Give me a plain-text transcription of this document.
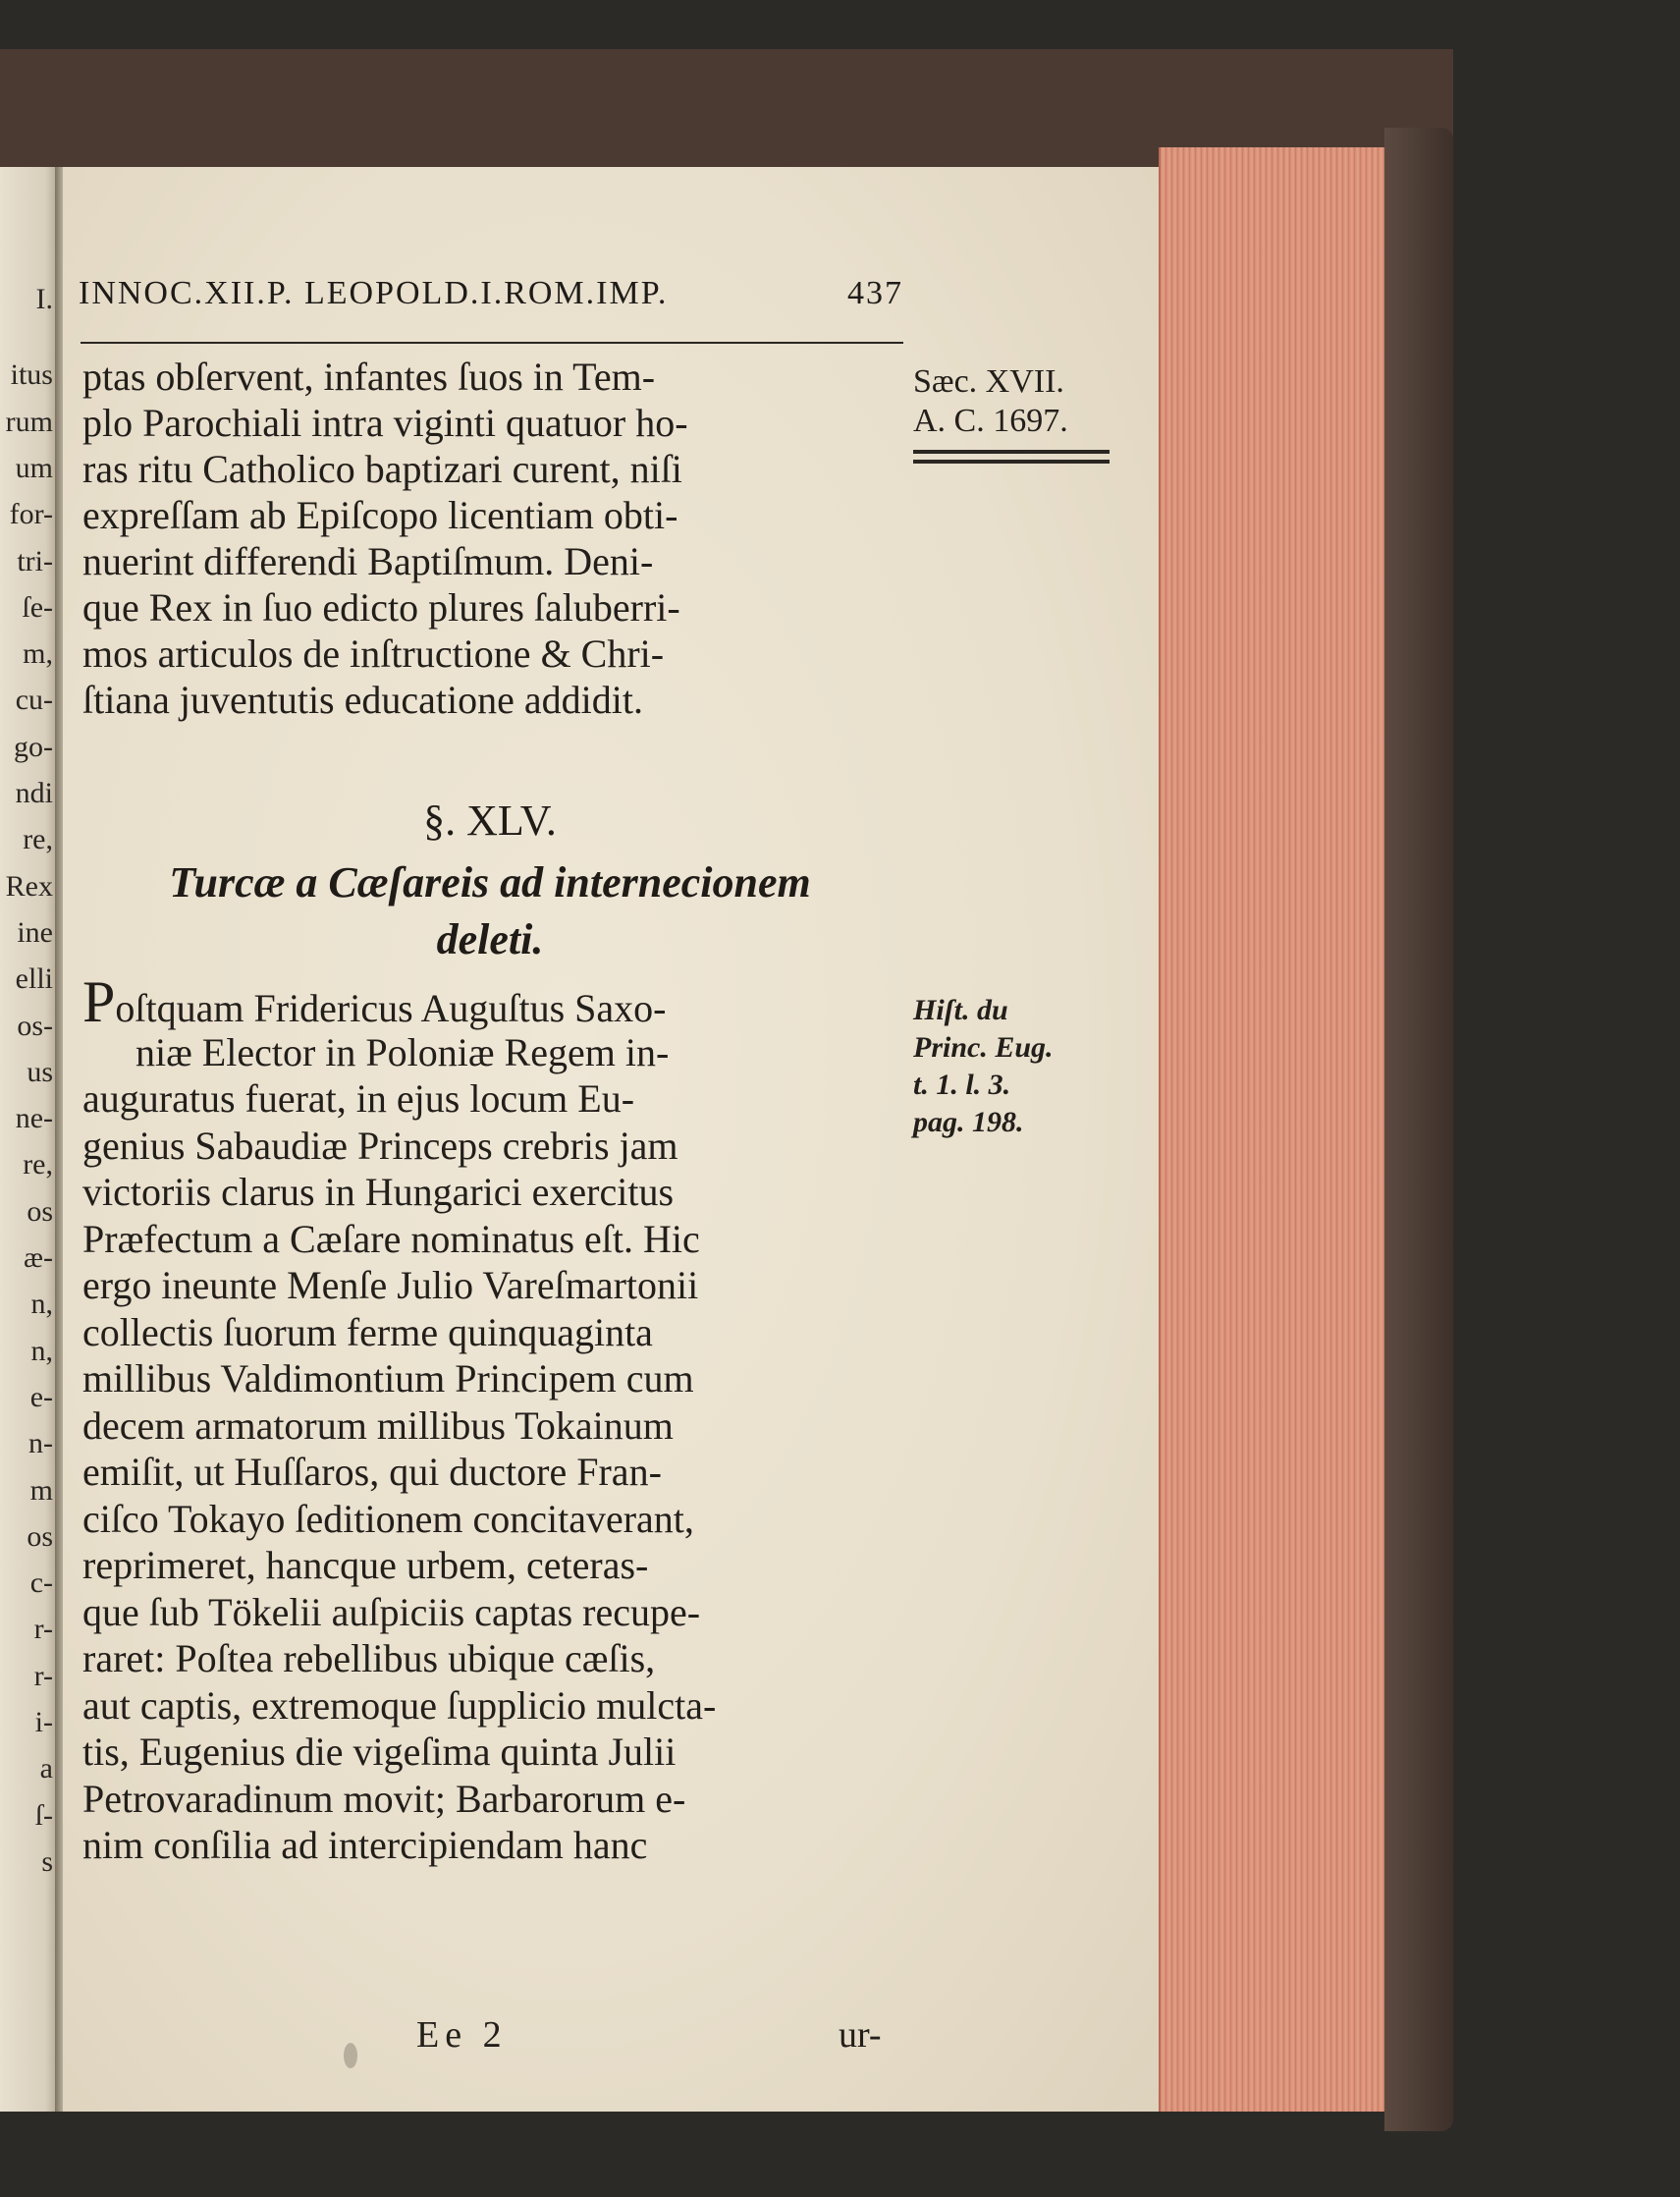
I.
itus
rum
um
for-
tri-
ſe-
m,
cu-
go-
ndi
re,
Rex
ine
elli
os-
us
ne-
re,
os
æ-
n,
n,
e-
n-
m
os
c-
r-
r-
i-
a
ſ-
s
INNOC.XII.P. LEOPOLD.I.ROM.IMP.	437
ptas obſervent, infantes ſuos in Tem-
plo Parochiali intra viginti quatuor ho-
ras ritu Catholico baptizari curent, niſi
expreſſam ab Epiſcopo licentiam obti-
nuerint differendi Baptiſmum. Deni-
que Rex in ſuo edicto plures ſaluberri-
mos articulos de inſtructione & Chri-
ſtiana juventutis educatione addidit.
§. XLV.
Turcæ a Cæſareis ad internecionem
deleti.
Poſtquam Fridericus Auguſtus Saxo-
niæ Elector in Poloniæ Regem in-
auguratus fuerat, in ejus locum Eu-
genius Sabaudiæ Princeps crebris jam
victoriis clarus in Hungarici exercitus
Præfectum a Cæſare nominatus eſt. Hic
ergo ineunte Menſe Julio Vareſmartonii
collectis ſuorum ferme quinquaginta
millibus Valdimontium Principem cum
decem armatorum millibus Tokainum
emiſit, ut Huſſaros, qui ductore Fran-
ciſco Tokayo ſeditionem concitaverant,
reprimeret, hancque urbem, ceteras-
que ſub Tökelii auſpiciis captas recupe-
raret: Poſtea rebellibus ubique cæſis,
aut captis, extremoque ſupplicio mulcta-
tis, Eugenius die vigeſima quinta Julii
Petrovaradinum movit; Barbarorum e-
nim conſilia ad intercipiendam hanc
Ee 2	ur-
Sæc. XVII.
A. C. 1697.
Hiſt. du
Princ. Eug.
t. 1. l. 3.
pag. 198.
